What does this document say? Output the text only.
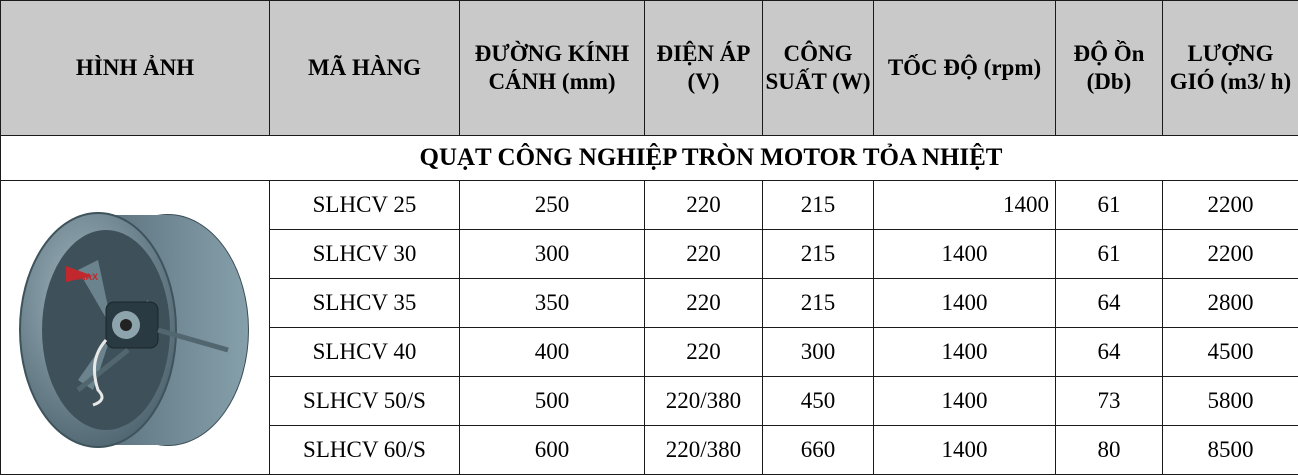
HÌNH ẢNH	MÃ HÀNG	ĐƯỜNG KÍNH CÁNH (mm)	ĐIỆN ÁP (V)	CÔNG SUẤT (W)	TỐC ĐỘ (rpm)	ĐỘ Ồn (Db)	LƯỢNG GIÓ (m3/ h)
	QUẠT CÔNG NGHIỆP TRÒN MOTOR TỎA NHIỆT						

MAX	SLHCV 25	250	220	215	1400	61	2200
	SLHCV 30	300	220	215	1400	61	2200
	SLHCV 35	350	220	215	1400	64	2800
	SLHCV 40	400	220	300	1400	64	4500
	SLHCV 50/S	500	220/380	450	1400	73	5800
	SLHCV 60/S	600	220/380	660	1400	80	8500
